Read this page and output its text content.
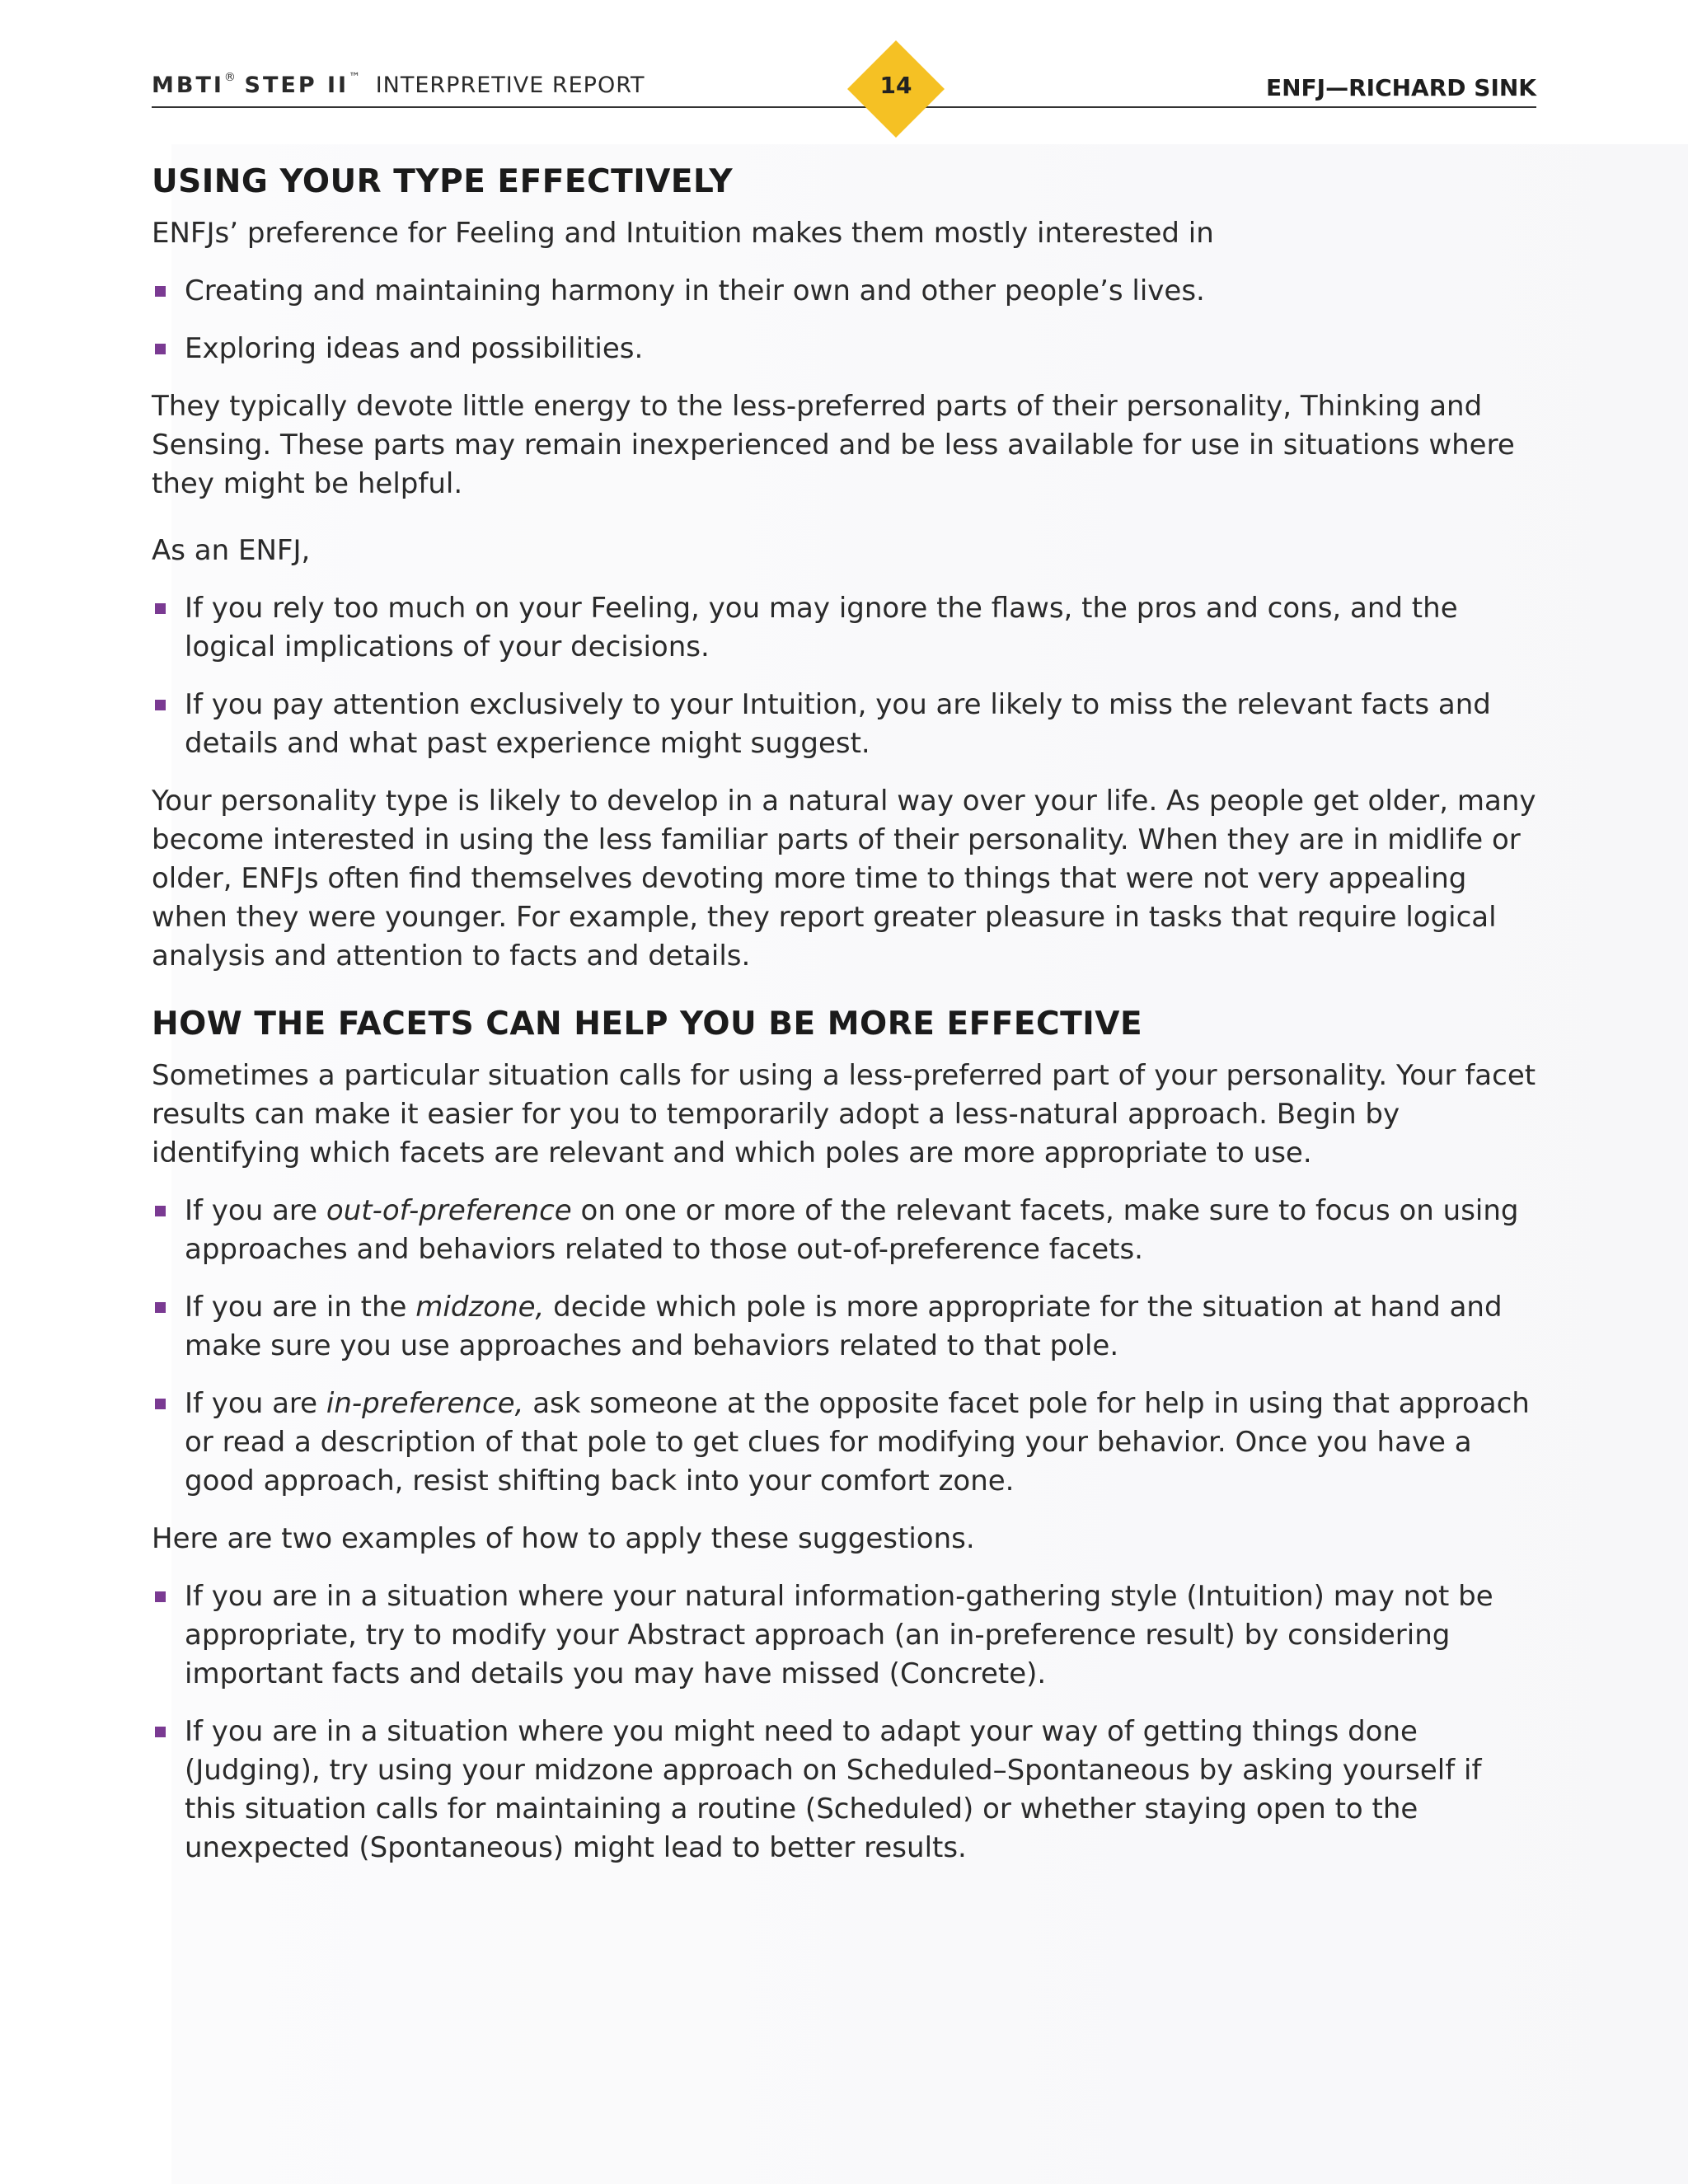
MBTI® STEP II™ INTERPRETIVE REPORT	ENFJ—RICHARD SINK
14
USING YOUR TYPE EFFECTIVELY

ENFJs’ preference for Feeling and Intuition makes them mostly interested in

Creating and maintaining harmony in their own and other people’s lives.
Exploring ideas and possibilities.

They typically devote little energy to the less-preferred parts of their personality, Thinking and Sensing. These parts may remain inexperienced and be less available for use in situations where they might be helpful.

As an ENFJ,

If you rely too much on your Feeling, you may ignore the flaws, the pros and cons, and the logical implications of your decisions.
If you pay attention exclusively to your Intuition, you are likely to miss the relevant facts and details and what past experience might suggest.

Your personality type is likely to develop in a natural way over your life. As people get older, many become interested in using the less familiar parts of their personality. When they are in midlife or older, ENFJs often find themselves devoting more time to things that were not very appealing when they were younger. For example, they report greater pleasure in tasks that require logical analysis and attention to facts and details.

HOW THE FACETS CAN HELP YOU BE MORE EFFECTIVE

Sometimes a particular situation calls for using a less-preferred part of your personality. Your facet results can make it easier for you to temporarily adopt a less-natural approach. Begin by identifying which facets are relevant and which poles are more appropriate to use.

If you are out-of-preference on one or more of the relevant facets, make sure to focus on using approaches and behaviors related to those out-of-preference facets.
If you are in the midzone, decide which pole is more appropriate for the situation at hand and make sure you use approaches and behaviors related to that pole.
If you are in-preference, ask someone at the opposite facet pole for help in using that approach or read a description of that pole to get clues for modifying your behavior. Once you have a good approach, resist shifting back into your comfort zone.

Here are two examples of how to apply these suggestions.

If you are in a situation where your natural information-gathering style (Intuition) may not be appropriate, try to modify your Abstract approach (an in-preference result) by considering important facts and details you may have missed (Concrete).
If you are in a situation where you might need to adapt your way of getting things done (Judging), try using your midzone approach on Scheduled–Spontaneous by asking yourself if this situation calls for maintaining a routine (Scheduled) or whether staying open to the unexpected (Spontaneous) might lead to better results.
